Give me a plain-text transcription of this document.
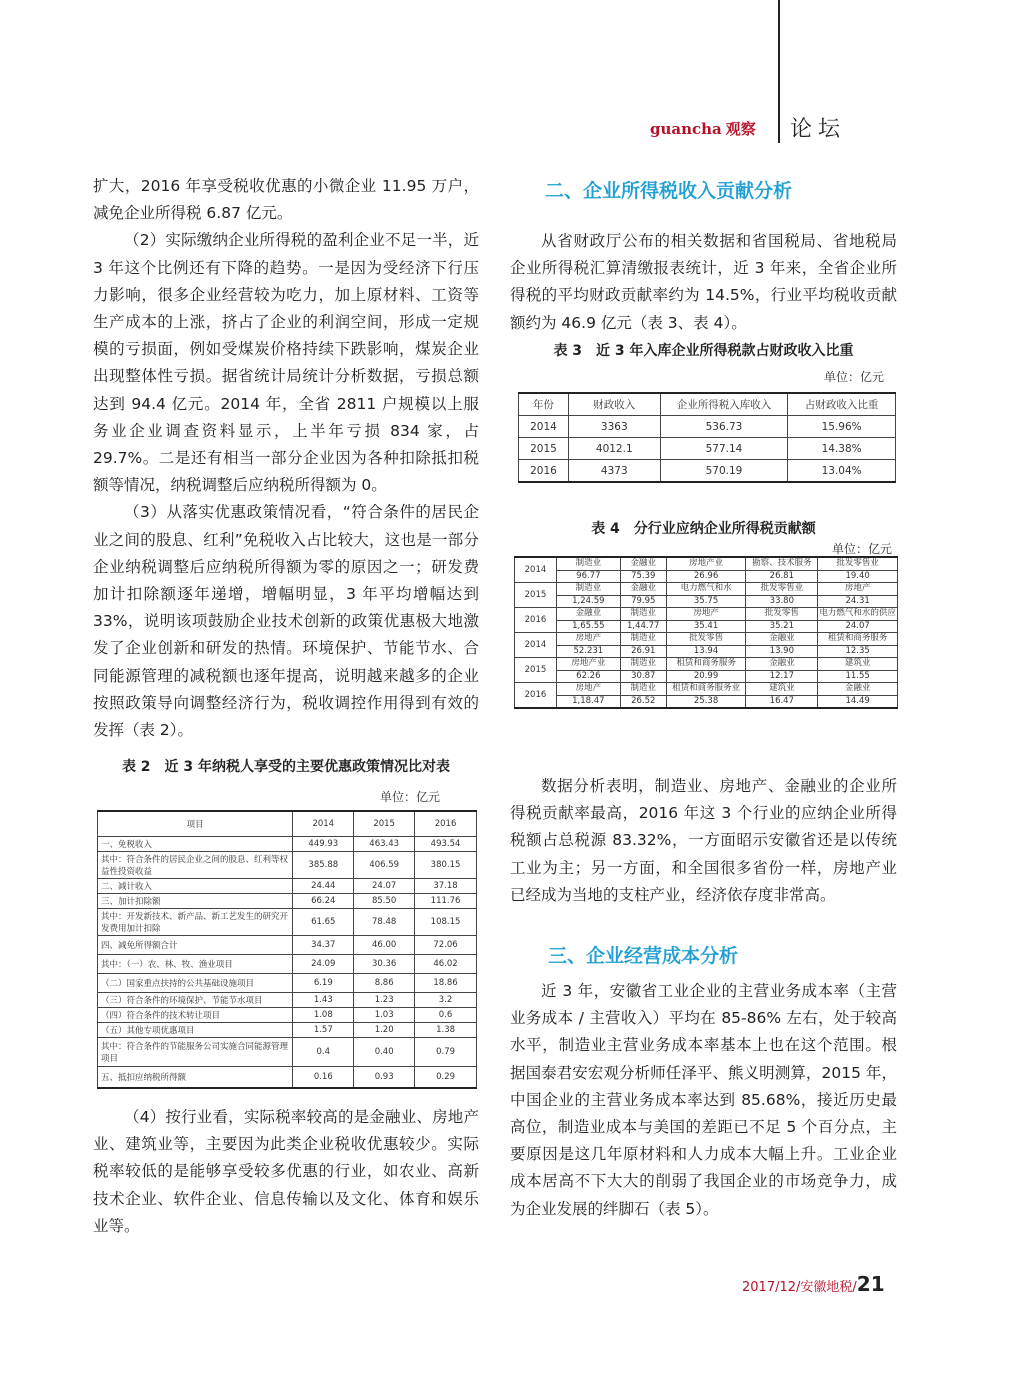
guancha 观察 论坛

扩大，2016 年享受税收优惠的小微企业 11.95 万户，减免企业所得税 6.87 亿元。

（2）实际缴纳企业所得税的盈利企业不足一半，近 3 年这个比例还有下降的趋势。一是因为受经济下行压力影响，很多企业经营较为吃力，加上原材料、工资等生产成本的上涨，挤占了企业的利润空间，形成一定规模的亏损面，例如受煤炭价格持续下跌影响，煤炭企业出现整体性亏损。据省统计局统计分析数据，亏损总额达到 94.4 亿元。2014 年，全省 2811 户规模以上服务业企业调查资料显示，上半年亏损 834 家，占 29.7%。二是还有相当一部分企业因为各种扣除抵扣税额等情况，纳税调整后应纳税所得额为 0。

（3）从落实优惠政策情况看，“符合条件的居民企业之间的股息、红利”免税收入占比较大，这也是一部分企业纳税调整后应纳税所得额为零的原因之一；研发费加计扣除额逐年递增，增幅明显，3 年平均增幅达到 33%，说明该项鼓励企业技术创新的政策优惠极大地激发了企业创新和研发的热情。环境保护、节能节水、合同能源管理的减税额也逐年提高，说明越来越多的企业按照政策导向调整经济行为，税收调控作用得到有效的发挥（表 2）。

表 2　近 3 年纳税人享受的主要优惠政策情况比对表
单位：亿元
项目	2014	2015	2016
一、免税收入	449.93	463.43	493.54
其中：符合条件的居民企业之间的股息、红利等权益性投资收益	385.88	406.59	380.15
二、减计收入	24.44	24.07	37.18
三、加计扣除额	66.24	85.50	111.76
其中：开发新技术、新产品、新工艺发生的研究开发费用加计扣除	61.65	78.48	108.15
四、减免所得额合计	34.37	46.00	72.06
其中：（一）农、林、牧、渔业项目	24.09	30.36	46.02
（二）国家重点扶持的公共基础设施项目	6.19	8.86	18.86
（三）符合条件的环境保护、节能节水项目	1.43	1.23	3.2
（四）符合条件的技术转让项目	1.08	1.03	0.6
（五）其他专项优惠项目	1.57	1.20	1.38
其中：符合条件的节能服务公司实施合同能源管理项目	0.4	0.40	0.79
五、抵扣应纳税所得额	0.16	0.93	0.29

（4）按行业看，实际税率较高的是金融业、房地产业、建筑业等，主要因为此类企业税收优惠较少。实际税率较低的是能够享受较多优惠的行业，如农业、高新技术企业、软件企业、信息传输以及文化、体育和娱乐业等。

二、企业所得税收入贡献分析

从省财政厅公布的相关数据和省国税局、省地税局企业所得税汇算清缴报表统计，近 3 年来，全省企业所得税的平均财政贡献率约为 14.5%，行业平均税收贡献额约为 46.9 亿元（表 3、表 4）。

表 3　近 3 年入库企业所得税款占财政收入比重
单位：亿元
年份	财政收入	企业所得税入库收入	占财政收入比重
2014	3363	536.73	15.96%
2015	4012.1	577.14	14.38%
2016	4373	570.19	13.04%
表 4　分行业应纳企业所得税贡献额
单位：亿元
2014	制造业	金融业	房地产业	勘察、技术服务	批发零售业
	96.77	75.39	26.96	26.81	19.40
2015	制造业	金融业	电力燃气和水	批发零售业	房地产
	1,24.59	79.95	35.75	33.80	24.31
2016	金融业	制造业	房地产	批发零售	电力燃气和水的供应
	1,65.55	1,44.77	35.41	35.21	24.07
2014	房地产	制造业	批发零售	金融业	租赁和商务服务
	52.231	26.91	13.94	13.90	12.35
2015	房地产业	制造业	租赁和商务服务	金融业	建筑业
	62.26	30.87	20.99	12.17	11.55
2016	房地产	制造业	租赁和商务服务业	建筑业	金融业
	1,18.47	26.52	25.38	16.47	14.49

数据分析表明，制造业、房地产、金融业的企业所得税贡献率最高，2016 年这 3 个行业的应纳企业所得税额占总税源 83.32%，一方面昭示安徽省还是以传统工业为主；另一方面，和全国很多省份一样，房地产业已经成为当地的支柱产业，经济依存度非常高。

三、企业经营成本分析

近 3 年，安徽省工业企业的主营业务成本率（主营业务成本 / 主营收入）平均在 85-86% 左右，处于较高水平，制造业主营业务成本率基本上也在这个范围。根据国泰君安宏观分析师任泽平、熊义明测算，2015 年，中国企业的主营业务成本率达到 85.68%，接近历史最高位，制造业成本与美国的差距已不足 5 个百分点，主要原因是这几年原材料和人力成本大幅上升。工业企业成本居高不下大大的削弱了我国企业的市场竞争力，成为企业发展的绊脚石（表 5）。

2017/12/安徽地税/21
